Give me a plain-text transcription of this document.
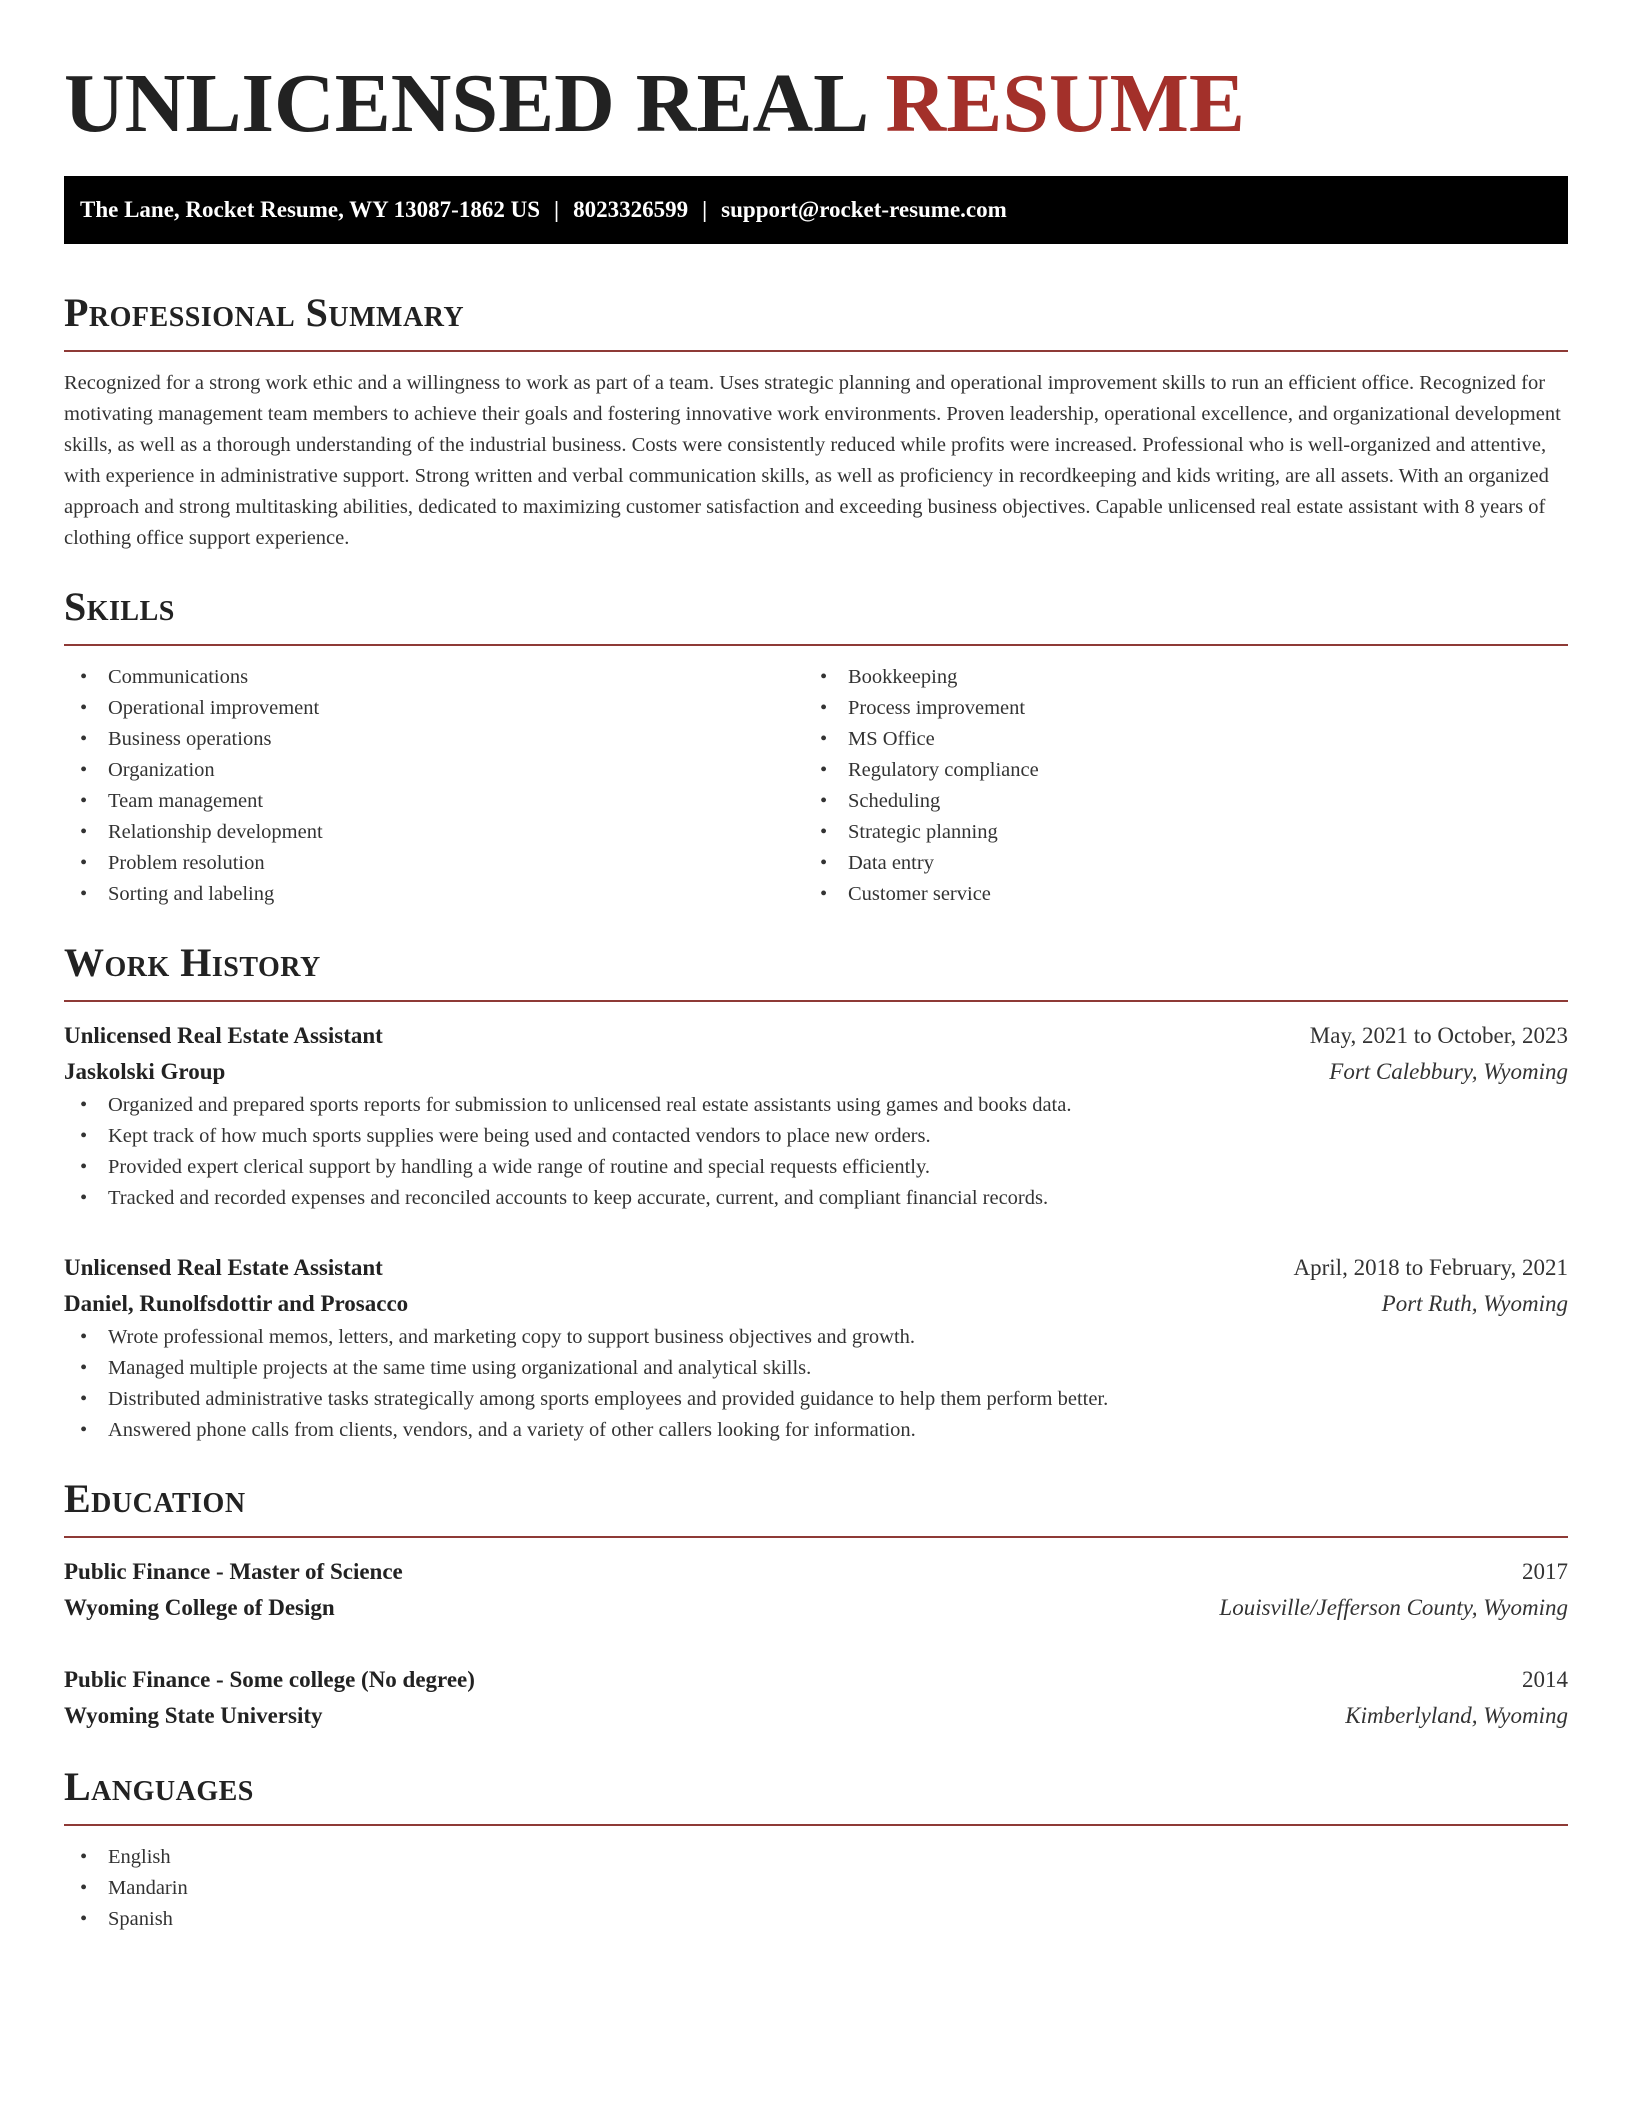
UNLICENSED REAL RESUME
The Lane, Rocket Resume, WY 13087-1862 US | 8023326599 | support@rocket-resume.com
Professional Summary

Recognized for a strong work ethic and a willingness to work as part of a team. Uses strategic planning and operational improvement skills to run an efficient office. Recognized for motivating management team members to achieve their goals and fostering innovative work environments. Proven leadership, operational excellence, and organizational development skills, as well as a thorough understanding of the industrial business. Costs were consistently reduced while profits were increased. Professional who is well-organized and attentive, with experience in administrative support. Strong written and verbal communication skills, as well as proficiency in recordkeeping and kids writing, are all assets. With an organized approach and strong multitasking abilities, dedicated to maximizing customer satisfaction and exceeding business objectives. Capable unlicensed real estate assistant with 8 years of clothing office support experience.

Skills
• Communications
• Operational improvement
• Business operations
• Organization
• Team management
• Relationship development
• Problem resolution
• Sorting and labeling
• Bookkeeping
• Process improvement
• MS Office
• Regulatory compliance
• Scheduling
• Strategic planning
• Data entry
• Customer service
Work History
Unlicensed Real Estate Assistant	May, 2021 to October, 2023
Jaskolski Group	Fort Calebbury, Wyoming
• Organized and prepared sports reports for submission to unlicensed real estate assistants using games and books data.
• Kept track of how much sports supplies were being used and contacted vendors to place new orders.
• Provided expert clerical support by handling a wide range of routine and special requests efficiently.
• Tracked and recorded expenses and reconciled accounts to keep accurate, current, and compliant financial records.
Unlicensed Real Estate Assistant	April, 2018 to February, 2021
Daniel, Runolfsdottir and Prosacco	Port Ruth, Wyoming
• Wrote professional memos, letters, and marketing copy to support business objectives and growth.
• Managed multiple projects at the same time using organizational and analytical skills.
• Distributed administrative tasks strategically among sports employees and provided guidance to help them perform better.
• Answered phone calls from clients, vendors, and a variety of other callers looking for information.
Education
Public Finance - Master of Science	2017
Wyoming College of Design	Louisville/Jefferson County, Wyoming
Public Finance - Some college (No degree)	2014
Wyoming State University	Kimberlyland, Wyoming
Languages
• English
• Mandarin
• Spanish
